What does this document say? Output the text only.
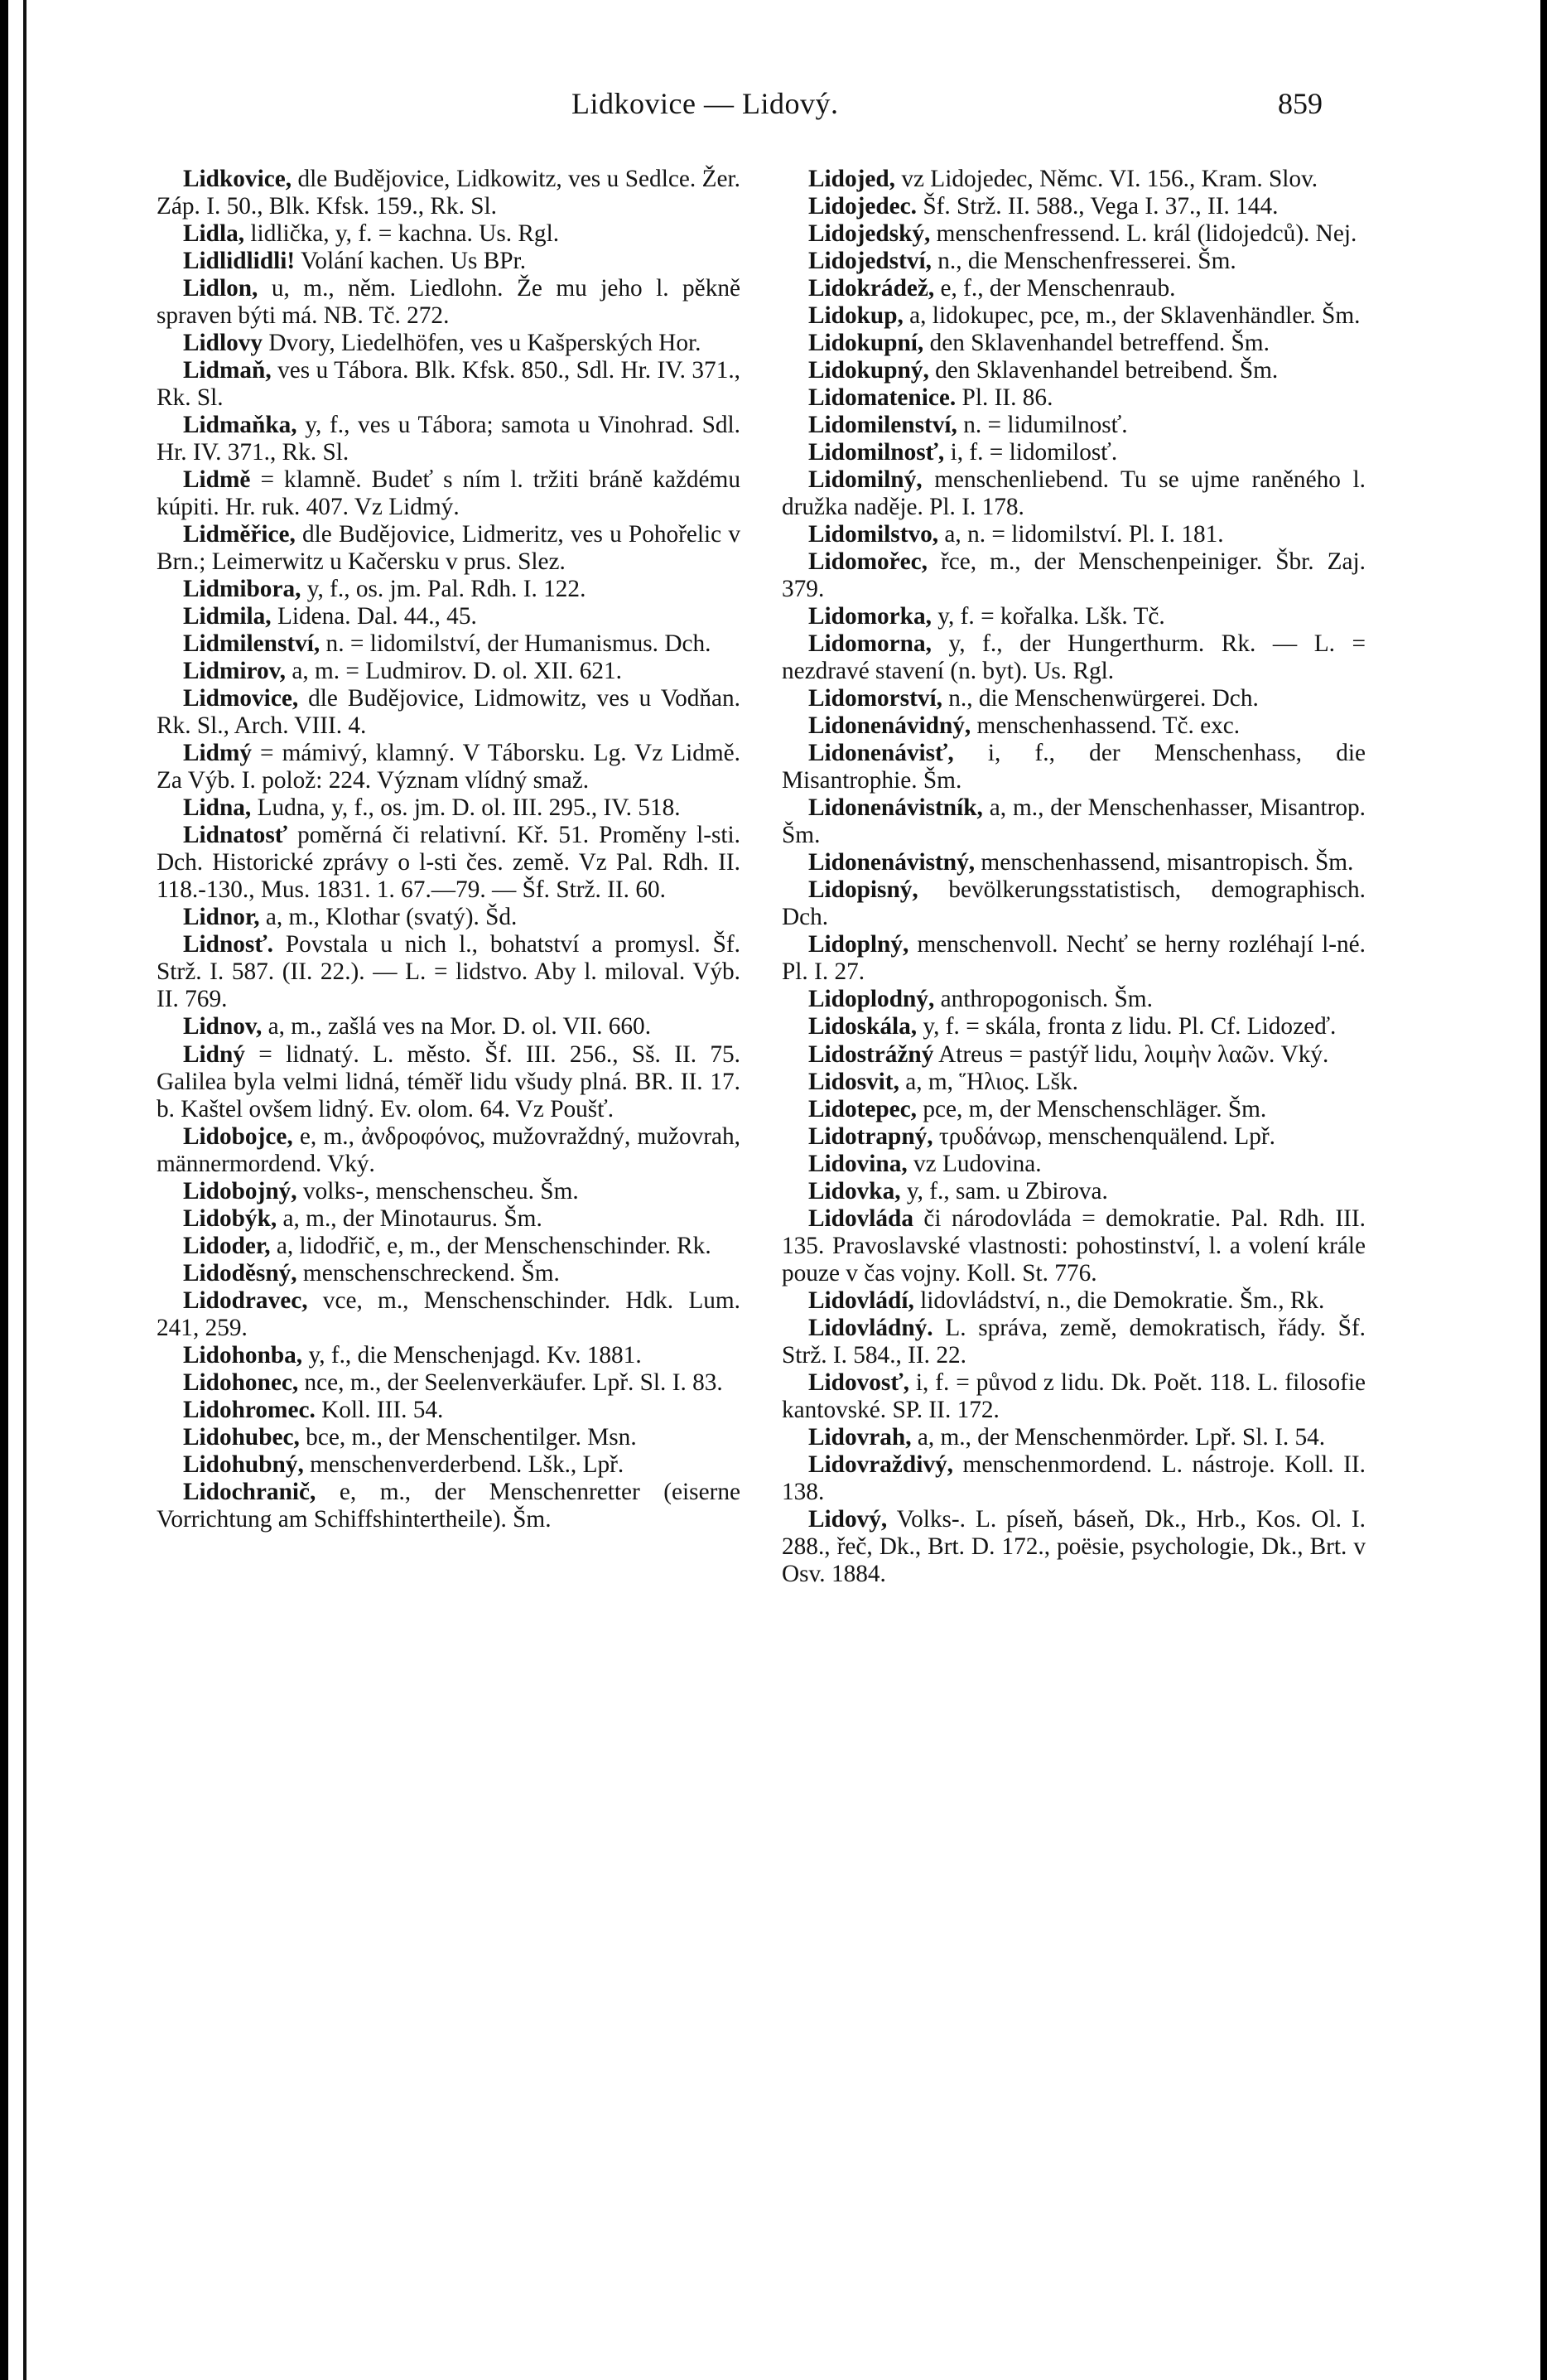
Lidkovice — Lidový.	859

Lidkovice, dle Budějovice, Lidkowitz, ves u Sedlce. Žer. Záp. I. 50., Blk. Kfsk. 159., Rk. Sl.

Lidla, lidlička, y, f. = kachna. Us. Rgl.

Lidlidlidli! Volání kachen. Us BPr.

Lidlon, u, m., něm. Liedlohn. Že mu jeho l. pěkně spraven býti má. NB. Tč. 272.

Lidlovy Dvory, Liedelhöfen, ves u Kašperských Hor.

Lidmaň, ves u Tábora. Blk. Kfsk. 850., Sdl. Hr. IV. 371., Rk. Sl.

Lidmaňka, y, f., ves u Tábora; samota u Vinohrad. Sdl. Hr. IV. 371., Rk. Sl.

Lidmě = klamně. Budeť s ním l. tržiti bráně každému kúpiti. Hr. ruk. 407. Vz Lidmý.

Lidměřice, dle Budějovice, Lidmeritz, ves u Pohořelic v Brn.; Leimerwitz u Kačersku v prus. Slez.

Lidmibora, y, f., os. jm. Pal. Rdh. I. 122.

Lidmila, Lidena. Dal. 44., 45.

Lidmilenství, n. = lidomilství, der Humanismus. Dch.

Lidmirov, a, m. = Ludmirov. D. ol. XII. 621.

Lidmovice, dle Budějovice, Lidmowitz, ves u Vodňan. Rk. Sl., Arch. VIII. 4.

Lidmý = mámivý, klamný. V Táborsku. Lg. Vz Lidmě. Za Výb. I. polož: 224. Význam vlídný smaž.

Lidna, Ludna, y, f., os. jm. D. ol. III. 295., IV. 518.

Lidnatosť poměrná či relativní. Kř. 51. Proměny l-sti. Dch. Historické zprávy o l-sti čes. země. Vz Pal. Rdh. II. 118.-130., Mus. 1831. 1. 67.—79. — Šf. Strž. II. 60.

Lidnor, a, m., Klothar (svatý). Šd.

Lidnosť. Povstala u nich l., bohatství a promysl. Šf. Strž. I. 587. (II. 22.). — L. = lidstvo. Aby l. miloval. Výb. II. 769.

Lidnov, a, m., zašlá ves na Mor. D. ol. VII. 660.

Lidný = lidnatý. L. město. Šf. III. 256., Sš. II. 75. Galilea byla velmi lidná, téměř lidu všudy plná. BR. II. 17. b. Kaštel ovšem lidný. Ev. olom. 64. Vz Poušť.

Lidobojce, e, m., ἀνδροφόνος, mužovraždný, mužovrah, männermordend. Vký.

Lidobojný, volks-, menschenscheu. Šm.

Lidobýk, a, m., der Minotaurus. Šm.

Lidoder, a, lidodřič, e, m., der Menschenschinder. Rk.

Lidoděsný, menschenschreckend. Šm.

Lidodravec, vce, m., Menschenschinder. Hdk. Lum. 241, 259.

Lidohonba, y, f., die Menschenjagd. Kv. 1881.

Lidohonec, nce, m., der Seelenverkäufer. Lpř. Sl. I. 83.

Lidohromec. Koll. III. 54.

Lidohubec, bce, m., der Menschentilger. Msn.

Lidohubný, menschenverderbend. Lšk., Lpř.

Lidochranič, e, m., der Menschenretter (eiserne Vorrichtung am Schiffshintertheile). Šm.

Lidojed, vz Lidojedec, Němc. VI. 156., Kram. Slov.

Lidojedec. Šf. Strž. II. 588., Vega I. 37., II. 144.

Lidojedský, menschenfressend. L. král (lidojedců). Nej.

Lidojedství, n., die Menschenfresserei. Šm.

Lidokrádež, e, f., der Menschenraub.

Lidokup, a, lidokupec, pce, m., der Sklavenhändler. Šm.

Lidokupní, den Sklavenhandel betreffend. Šm.

Lidokupný, den Sklavenhandel betreibend. Šm.

Lidomatenice. Pl. II. 86.

Lidomilenství, n. = lidumilnosť.

Lidomilnosť, i, f. = lidomilosť.

Lidomilný, menschenliebend. Tu se ujme raněného l. družka naděje. Pl. I. 178.

Lidomilstvo, a, n. = lidomilství. Pl. I. 181.

Lidomořec, řce, m., der Menschenpeiniger. Šbr. Zaj. 379.

Lidomorka, y, f. = kořalka. Lšk. Tč.

Lidomorna, y, f., der Hungerthurm. Rk. — L. = nezdravé stavení (n. byt). Us. Rgl.

Lidomorství, n., die Menschenwürgerei. Dch.

Lidonenávidný, menschenhassend. Tč. exc.

Lidonenávisť, i, f., der Menschenhass, die Misantrophie. Šm.

Lidonenávistník, a, m., der Menschenhasser, Misantrop. Šm.

Lidonenávistný, menschenhassend, misantropisch. Šm.

Lidopisný, bevölkerungsstatistisch, demographisch. Dch.

Lidoplný, menschenvoll. Nechť se herny rozléhají l-né. Pl. I. 27.

Lidoplodný, anthropogonisch. Šm.

Lidoskála, y, f. = skála, fronta z lidu. Pl. Cf. Lidozeď.

Lidostrážný Atreus = pastýř lidu, λοιμὴν λαῶν. Vký.

Lidosvit, a, m, Ἥλιος. Lšk.

Lidotepec, pce, m, der Menschenschläger. Šm.

Lidotrapný, τρυδάνωρ, menschenquälend. Lpř.

Lidovina, vz Ludovina.

Lidovka, y, f., sam. u Zbirova.

Lidovláda či národovláda = demokratie. Pal. Rdh. III. 135. Pravoslavské vlastnosti: pohostinství, l. a volení krále pouze v čas vojny. Koll. St. 776.

Lidovládí, lidovládství, n., die Demokratie. Šm., Rk.

Lidovládný. L. správa, země, demokratisch, řády. Šf. Strž. I. 584., II. 22.

Lidovosť, i, f. = původ z lidu. Dk. Poět. 118. L. filosofie kantovské. SP. II. 172.

Lidovrah, a, m., der Menschenmörder. Lpř. Sl. I. 54.

Lidovraždivý, menschenmordend. L. nástroje. Koll. II. 138.

Lidový, Volks-. L. píseň, báseň, Dk., Hrb., Kos. Ol. I. 288., řeč, Dk., Brt. D. 172., poësie, psychologie, Dk., Brt. v Osv. 1884.
